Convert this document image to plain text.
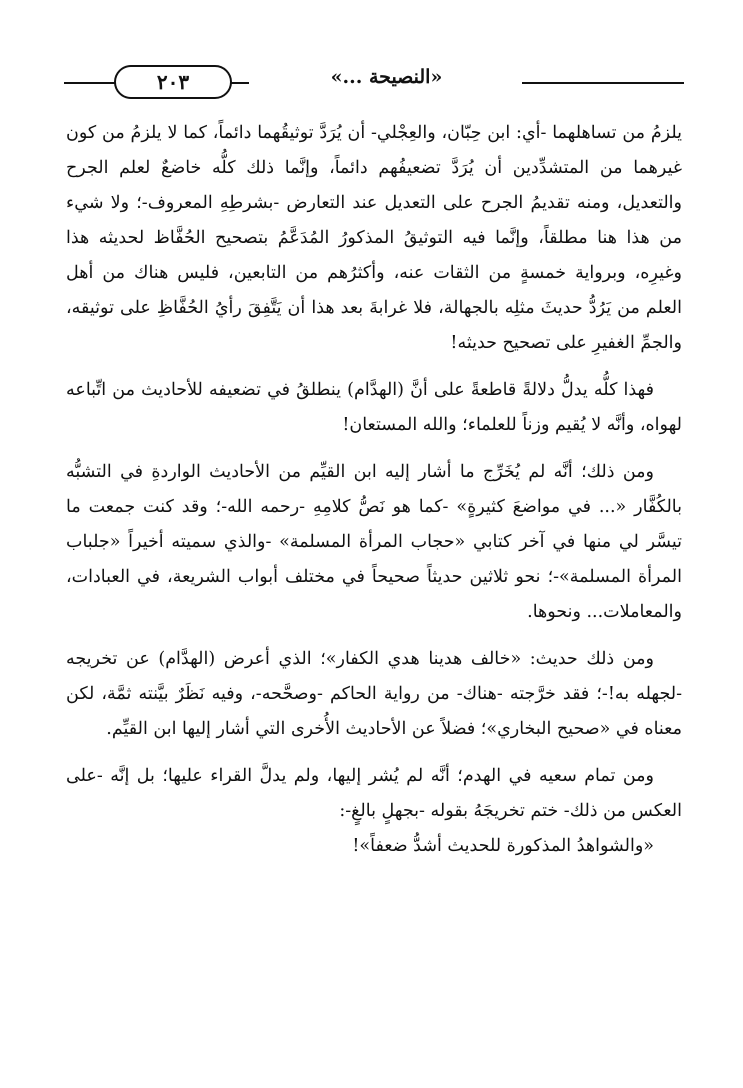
٢٠٣	«النصيحة ...»

يلزمُ من تساهلهما -أي: ابن حِبّان، والعِجْلي- أن يُرَدَّ توثيقُهما دائماً، كما لا يلزمُ من كون غيرهما من المتشدِّدين أن يُرَدَّ تضعيفُهم دائماً، وإنَّما ذلك كلُّه خاضعٌ لعلم الجرح والتعديل، ومنه تقديمُ الجرح على التعديل عند التعارض -بشرطِهِ المعروف-؛ ولا شيء من هذا هنا مطلقاً، وإنَّما فيه التوثيقُ المذكورُ المُدَعَّمُ بتصحيح الحُفَّاظ لحديثه هذا وغيرِه، وبرواية خمسةٍ من الثقات عنه، وأكثرُهم من التابعين، فليس هناك من أهل العلم من يَرُدُّ حديثَ مثلِه بالجهالة، فلا غرابةَ بعد هذا أن يَتَّفِقَ رأيُ الحُفَّاظِ على توثيقه، والجمِّ الغفيرِ على تصحيح حديثه!

فهذا كلُّه يدلُّ دلالةً قاطعةً على أنَّ (الهدَّام) ينطلقُ في تضعيفه للأحاديث من اتِّباعه لهواه، وأنَّه لا يُقيم وزناً للعلماء؛ والله المستعان!

ومن ذلك؛ أنَّه لم يُخَرِّج ما أشار إليه ابن القيِّم من الأحاديث الواردةِ في التشبُّه بالكُفَّار «... في مواضعَ كثيرةٍ» -كما هو نَصُّ كلامِهِ -رحمه الله-؛ وقد كنت جمعت ما تيسَّر لي منها في آخر كتابي «حجاب المرأة المسلمة» -والذي سميته أخيراً «جلباب المرأة المسلمة»-؛ نحو ثلاثين حديثاً صحيحاً في مختلف أبواب الشريعة، في العبادات، والمعاملات... ونحوها.

ومن ذلك حديث: «خالف هدينا هدي الكفار»؛ الذي أعرض (الهدَّام) عن تخريجه -لجهله به!-؛ فقد خرَّجته -هناك- من رواية الحاكم -وصحَّحه-، وفيه نَظَرٌ بيَّنته ثمَّة، لكن معناه في «صحيح البخاري»؛ فضلاً عن الأحاديث الأُخرى التي أشار إليها ابن القيِّم.

ومن تمام سعيه في الهدم؛ أنَّه لم يُشر إليها، ولم يدلَّ القراء عليها؛ بل إنَّه -على العكس من ذلك- ختم تخريجَهُ بقوله -بجهلٍ بالغٍ-:

«والشواهدُ المذكورة للحديث أشدُّ ضعفاً»!
